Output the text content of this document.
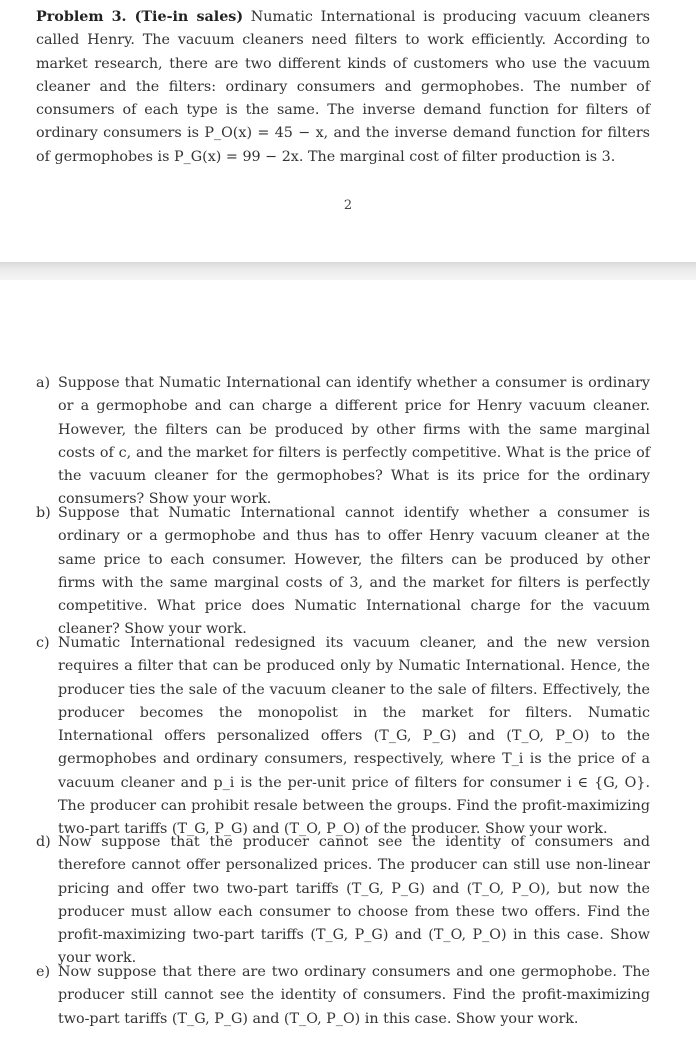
Problem 3. (Tie-in sales) Numatic International is producing vacuum cleaners called Henry. The vacuum cleaners need filters to work efficiently. According to market research, there are two different kinds of customers who use the vacuum cleaner and the filters: ordinary consumers and germophobes. The number of consumers of each type is the same. The inverse demand function for filters of ordinary consumers is P_O(x) = 45 − x, and the inverse demand function for filters of germophobes is P_G(x) = 99 − 2x. The marginal cost of filter production is 3.

2
a) Suppose that Numatic International can identify whether a consumer is ordinary or a germophobe and can charge a different price for Henry vacuum cleaner. However, the filters can be produced by other firms with the same marginal costs of c, and the market for filters is perfectly competitive. What is the price of the vacuum cleaner for the germophobes? What is its price for the ordinary consumers? Show your work.

b) Suppose that Numatic International cannot identify whether a consumer is ordinary or a germophobe and thus has to offer Henry vacuum cleaner at the same price to each consumer. However, the filters can be produced by other firms with the same marginal costs of 3, and the market for filters is perfectly competitive. What price does Numatic International charge for the vacuum cleaner? Show your work.

c) Numatic International redesigned its vacuum cleaner, and the new version requires a filter that can be produced only by Numatic International. Hence, the producer ties the sale of the vacuum cleaner to the sale of filters. Effectively, the producer becomes the monopolist in the market for filters. Numatic International offers personalized offers (T_G, P_G) and (T_O, P_O) to the germophobes and ordinary consumers, respectively, where T_i is the price of a vacuum cleaner and p_i is the per-unit price of filters for consumer i ∈ {G, O}. The producer can prohibit resale between the groups. Find the profit-maximizing two-part tariffs (T_G, P_G) and (T_O, P_O) of the producer. Show your work.

d) Now suppose that the producer cannot see the identity of consumers and therefore cannot offer personalized prices. The producer can still use non-linear pricing and offer two two-part tariffs (T_G, P_G) and (T_O, P_O), but now the producer must allow each consumer to choose from these two offers. Find the profit-maximizing two-part tariffs (T_G, P_G) and (T_O, P_O) in this case. Show your work.

e) Now suppose that there are two ordinary consumers and one germophobe. The producer still cannot see the identity of consumers. Find the profit-maximizing two-part tariffs (T_G, P_G) and (T_O, P_O) in this case. Show your work.
